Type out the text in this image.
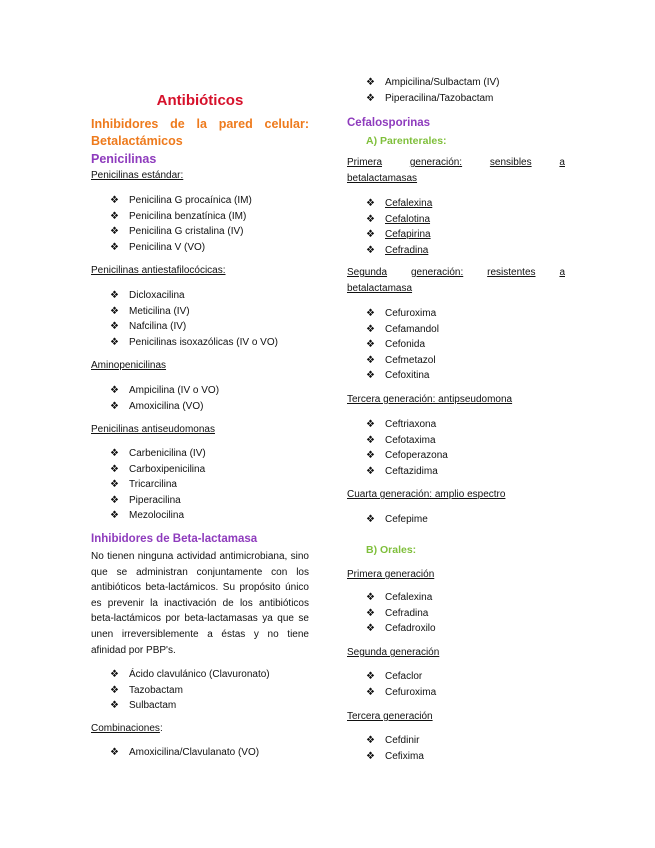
Antibióticos
Inhibidores de la pared celular:
Betalactámicos
Penicilinas
Penicilinas estándar:
❖ Penicilina G procaínica (IM)
❖ Penicilina benzatínica (IM)
❖ Penicilina G cristalina (IV)
❖ Penicilina V (VO)
Penicilinas antiestafilocócicas:
❖ Dicloxacilina
❖ Meticilina (IV)
❖ Nafcilina (IV)
❖ Penicilinas isoxazólicas (IV o VO)
Aminopenicilinas
❖ Ampicilina (IV o VO)
❖ Amoxicilina (VO)
Penicilinas antiseudomonas
❖ Carbenicilina (IV)
❖ Carboxipenicilina
❖ Tricarcilina
❖ Piperacilina
❖ Mezolocilina
Inhibidores de Beta-lactamasa
No tienen ninguna actividad antimicrobiana, sino que se administran conjuntamente con los antibióticos beta-lactámicos. Su propósito único es prevenir la inactivación de los antibióticos beta-lactámicos por beta-lactamasas ya que se unen irreversiblemente a éstas y no tiene afinidad por PBP's.
❖ Ácido clavulánico (Clavuronato)
❖ Tazobactam
❖ Sulbactam
Combinaciones:
❖ Amoxicilina/Clavulanato (VO)
❖ Ampicilina/Sulbactam (IV)
❖ Piperacilina/Tazobactam
Cefalosporinas
A) Parenterales:
Primera	generación:	sensibles	a
betalactamasas
❖ Cefalexina
❖ Cefalotina
❖ Cefapirina
❖ Cefradina
Segunda generación: resistentes a
betalactamasa
❖ Cefuroxima
❖ Cefamandol
❖ Cefonida
❖ Cefmetazol
❖ Cefoxitina
Tercera generación: antipseudomona
❖ Ceftriaxona
❖ Cefotaxima
❖ Cefoperazona
❖ Ceftazidima
Cuarta generación: amplio espectro
❖ Cefepime
B) Orales:
Primera generación
❖ Cefalexina
❖ Cefradina
❖ Cefadroxilo
Segunda generación
❖ Cefaclor
❖ Cefuroxima
Tercera generación
❖ Cefdinir
❖ Cefixima
